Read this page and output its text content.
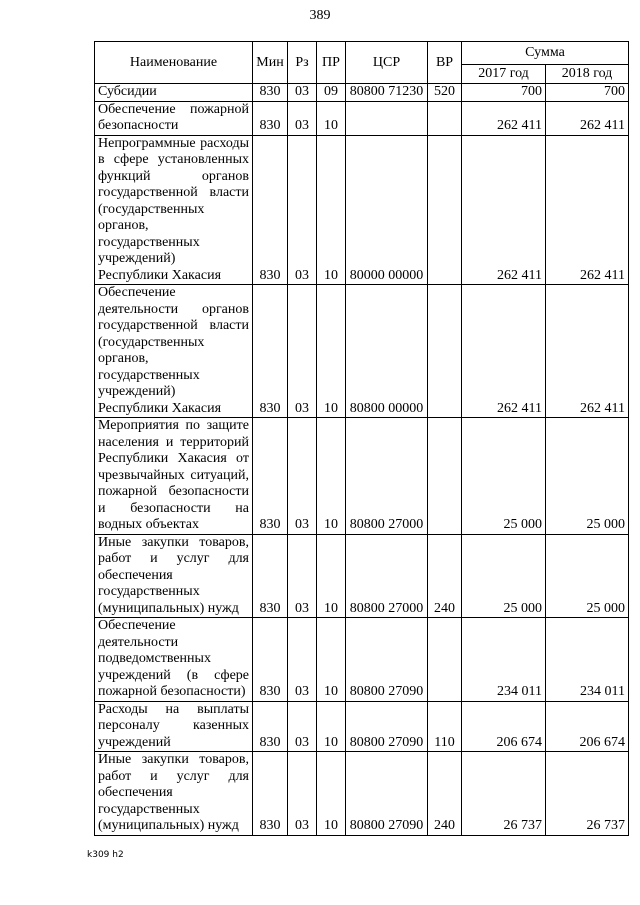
389
Наименование	Мин	Рз	ПР	ЦСР	ВР	Сумма	
						2017 год	2018 год
Субсидии	830	03	09	80800 71230	520	700	700
Обеспечение пожарной безопасности	830	03	10			262 411	262 411
Непрограммные расходы в сфере установленных функций органов государственной власти (государственных органов, государственных учреждений) Республики Хакасия	830	03	10	80000 00000		262 411	262 411
Обеспечение деятельности органов государственной власти (государственных органов, государственных учреждений) Республики Хакасия	830	03	10	80800 00000		262 411	262 411
Мероприятия по защите населения и территорий Республики Хакасия от чрезвычайных ситуаций, пожарной безопасности и безопасности на водных объектах	830	03	10	80800 27000		25 000	25 000
Иные закупки товаров, работ и услуг для обеспечения государственных (муниципальных) нужд	830	03	10	80800 27000	240	25 000	25 000
Обеспечение деятельности подведомственных учреждений (в сфере пожарной безопасности)	830	03	10	80800 27090		234 011	234 011
Расходы на выплаты персоналу казенных учреждений	830	03	10	80800 27090	110	206 674	206 674
Иные закупки товаров, работ и услуг для обеспечения государственных (муниципальных) нужд	830	03	10	80800 27090	240	26 737	26 737
k309 h2
